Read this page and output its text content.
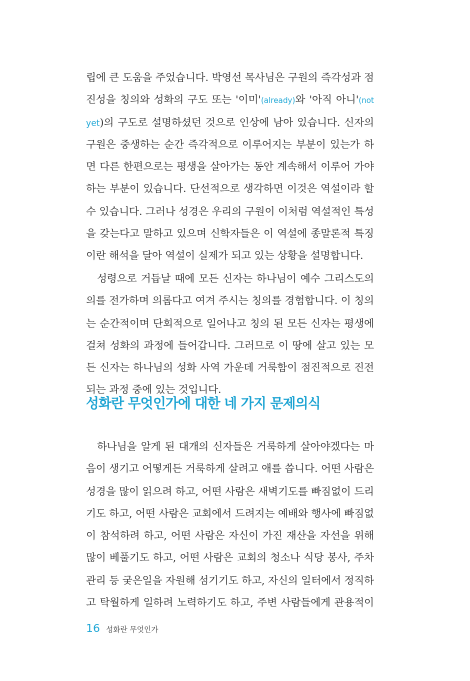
립에 큰 도움을 주었습니다. 박영선 목사님은 구원의 즉각성과 점
진성을 칭의와 성화의 구도 또는 '이미'(already)와 '아직 아니'(not
yet)의 구도로 설명하셨던 것으로 인상에 남아 있습니다. 신자의
구원은 중생하는 순간 즉각적으로 이루어지는 부분이 있는가 하
면 다른 한편으로는 평생을 살아가는 동안 계속해서 이루어 가야
하는 부분이 있습니다. 단선적으로 생각하면 이것은 역설이라 할
수 있습니다. 그러나 성경은 우리의 구원이 이처럼 역설적인 특성
을 갖는다고 말하고 있으며 신학자들은 이 역설에 종말론적 특징
이란 해석을 달아 역설이 실제가 되고 있는 상황을 설명합니다.
성령으로 거듭날 때에 모든 신자는 하나님이 예수 그리스도의
의를 전가하며 의롭다고 여겨 주시는 칭의를 경험합니다. 이 칭의
는 순간적이며 단회적으로 일어나고 칭의 된 모든 신자는 평생에
걸쳐 성화의 과정에 들어갑니다. 그러므로 이 땅에 살고 있는 모
든 신자는 하나님의 성화 사역 가운데 거룩함이 점진적으로 진전
되는 과정 중에 있는 것입니다.
성화란 무엇인가에 대한 네 가지 문제의식
하나님을 알게 된 대개의 신자들은 거룩하게 살아야겠다는 마
음이 생기고 어떻게든 거룩하게 살려고 애를 씁니다. 어떤 사람은
성경을 많이 읽으려 하고, 어떤 사람은 새벽기도를 빠짐없이 드리
기도 하고, 어떤 사람은 교회에서 드려지는 예배와 행사에 빠짐없
이 참석하려 하고, 어떤 사람은 자신이 가진 재산을 자선을 위해
많이 베풀기도 하고, 어떤 사람은 교회의 청소나 식당 봉사, 주차
관리 등 궂은일을 자원해 섬기기도 하고, 자신의 일터에서 정직하
고 탁월하게 일하려 노력하기도 하고, 주변 사람들에게 관용적이
16 성화란 무엇인가
